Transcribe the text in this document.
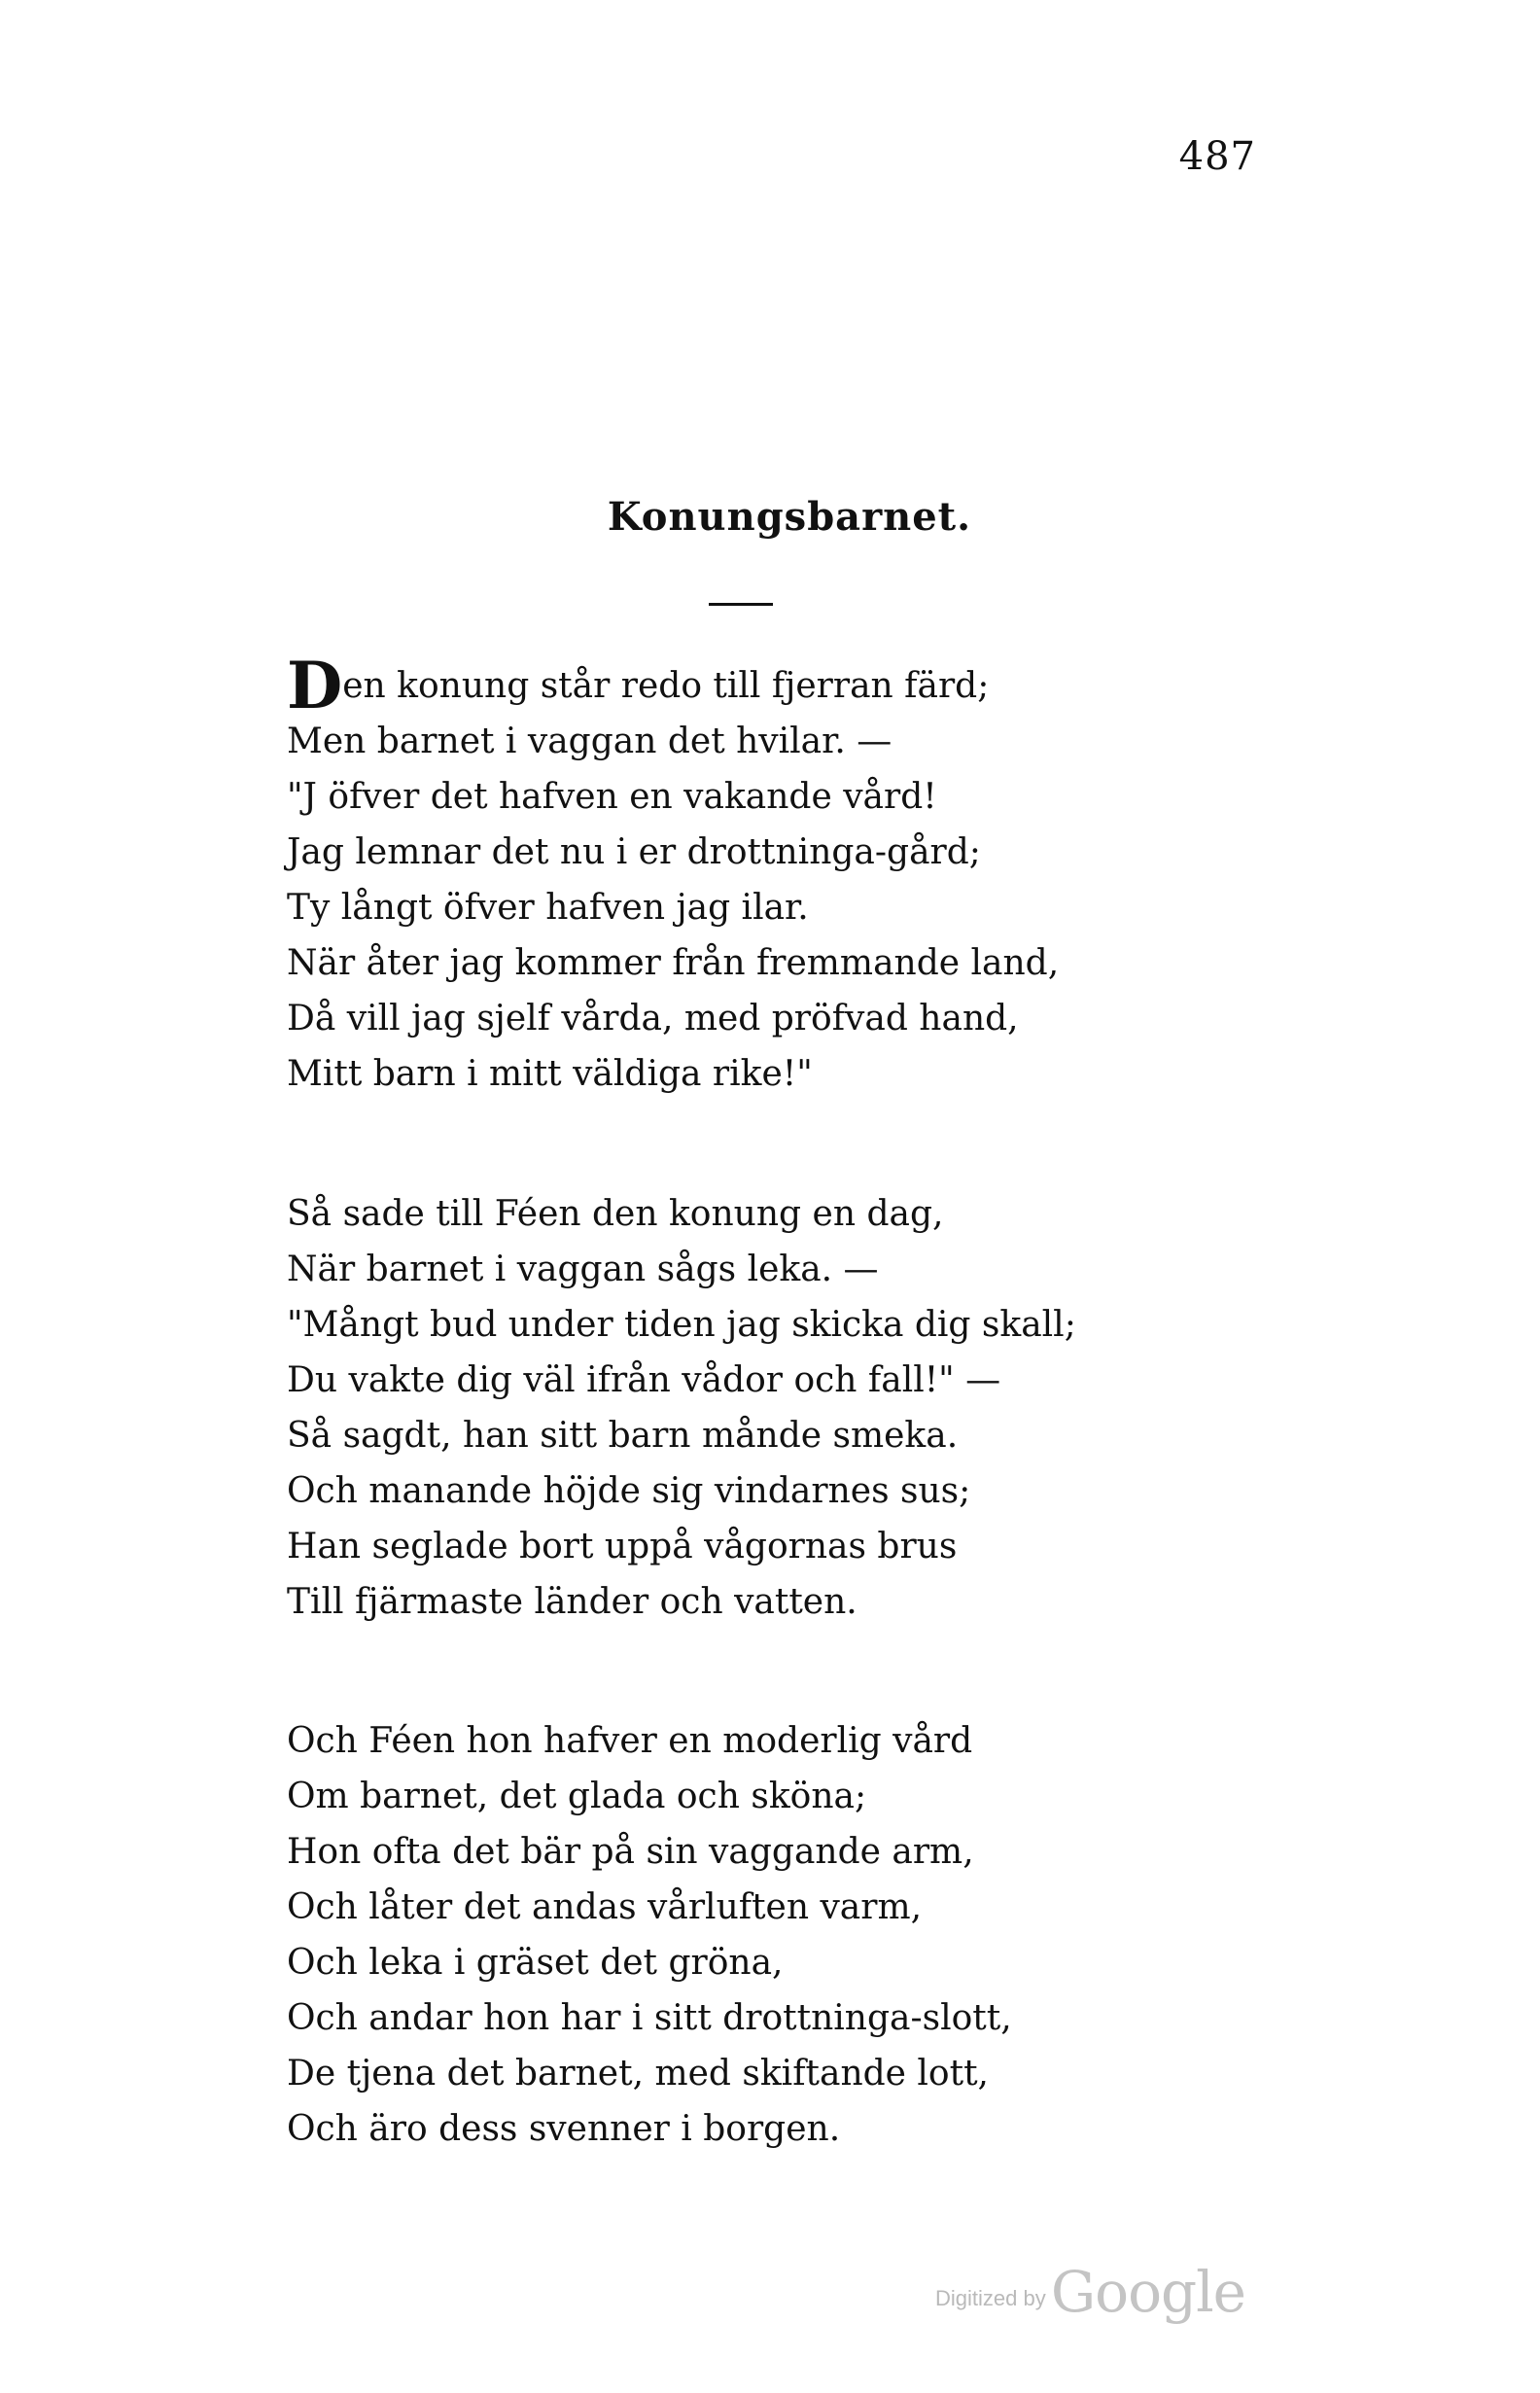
487
Konungsbarnet.
Den konung står redo till fjerran färd;
Men barnet i vaggan det hvilar. —
"J öfver det hafven en vakande vård!
Jag lemnar det nu i er drottninga-gård;
Ty långt öfver hafven jag ilar.
När åter jag kommer från fremmande land,
Då vill jag sjelf vårda, med pröfvad hand,
Mitt barn i mitt väldiga rike!"
Så sade till Féen den konung en dag,
När barnet i vaggan sågs leka. —
"Mångt bud under tiden jag skicka dig skall;
Du vakte dig väl ifrån vådor och fall!" —
Så sagdt, han sitt barn månde smeka.
Och manande höjde sig vindarnes sus;
Han seglade bort uppå vågornas brus
Till fjärmaste länder och vatten.
Och Féen hon hafver en moderlig vård
Om barnet, det glada och sköna;
Hon ofta det bär på sin vaggande arm,
Och låter det andas vårluften varm,
Och leka i gräset det gröna,
Och andar hon har i sitt drottninga-slott,
De tjena det barnet, med skiftande lott,
Och äro dess svenner i borgen.
Digitized by Google
